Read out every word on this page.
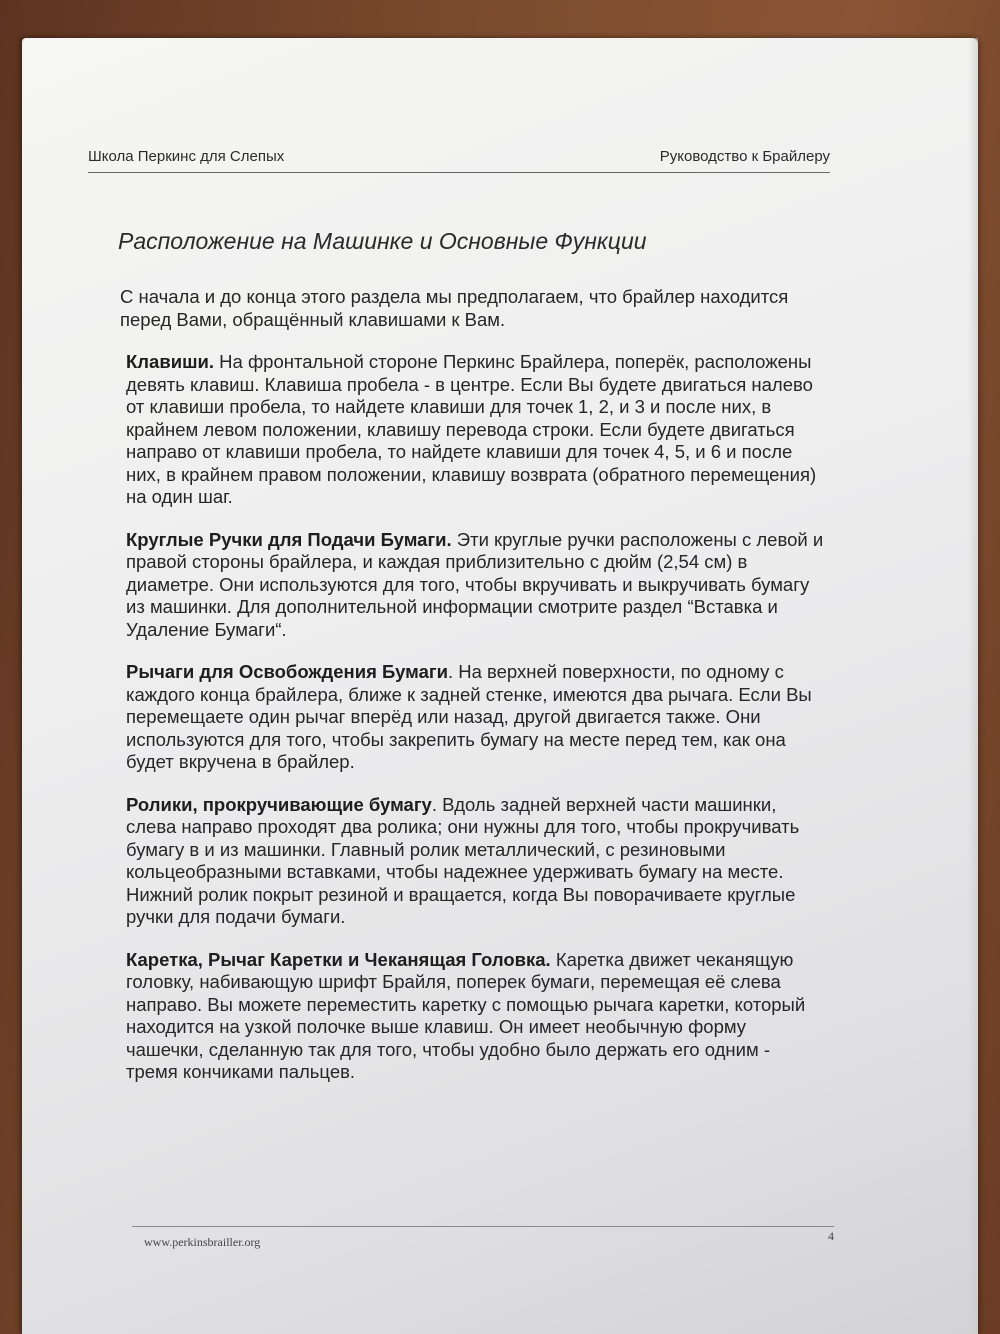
Школа Перкинс для Слепых	Руководство к Брайлеру
Расположение на Машинке и Основные Функции

С начала и до конца этого раздела мы предполагаем, что брайлер находится перед Вами, обращённый клавишами к Вам.

Клавиши. На фронтальной стороне Перкинс Брайлера, поперёк, расположены девять клавиш. Клавиша пробела - в центре. Если Вы будете двигаться налево от клавиши пробела, то найдете клавиши для точек 1, 2, и 3 и после них, в крайнем левом положении, клавишу перевода строки. Если будете двигаться направо от клавиши пробела, то найдете клавиши для точек 4, 5, и 6 и после них, в крайнем правом положении, клавишу возврата (обратного перемещения) на один шаг.

Круглые Ручки для Подачи Бумаги. Эти круглые ручки расположены с левой и правой стороны брайлера, и каждая приблизительно с дюйм (2,54 см) в диаметре. Они используются для того, чтобы вкручивать и выкручивать бумагу из машинки. Для дополнительной информации смотрите раздел “Вставка и Удаление Бумаги“.

Рычаги для Освобождения Бумаги. На верхней поверхности, по одному с каждого конца брайлера, ближе к задней стенке, имеются два рычага. Если Вы перемещаете один рычаг вперёд или назад, другой двигается также. Они используются для того, чтобы закрепить бумагу на месте перед тем, как она будет вкручена в брайлер.

Ролики, прокручивающие бумагу. Вдоль задней верхней части машинки, слева направо проходят два ролика; они нужны для того, чтобы прокручивать бумагу в и из машинки. Главный ролик металлический, с резиновыми кольцеобразными вставками, чтобы надежнее удерживать бумагу на месте. Нижний ролик покрыт резиной и вращается, когда Вы поворачиваете круглые ручки для подачи бумаги.

Каретка, Рычаг Каретки и Чеканящая Головка. Каретка движет чеканящую головку, набивающую шрифт Брайля, поперек бумаги, перемещая её слева направо. Вы можете переместить каретку с помощью рычага каретки, который находится на узкой полочке выше клавиш. Он имеет необычную форму чашечки, сделанную так для того, чтобы удобно было держать его одним - тремя кончиками пальцев.

www.perkinsbrailler.org	4
